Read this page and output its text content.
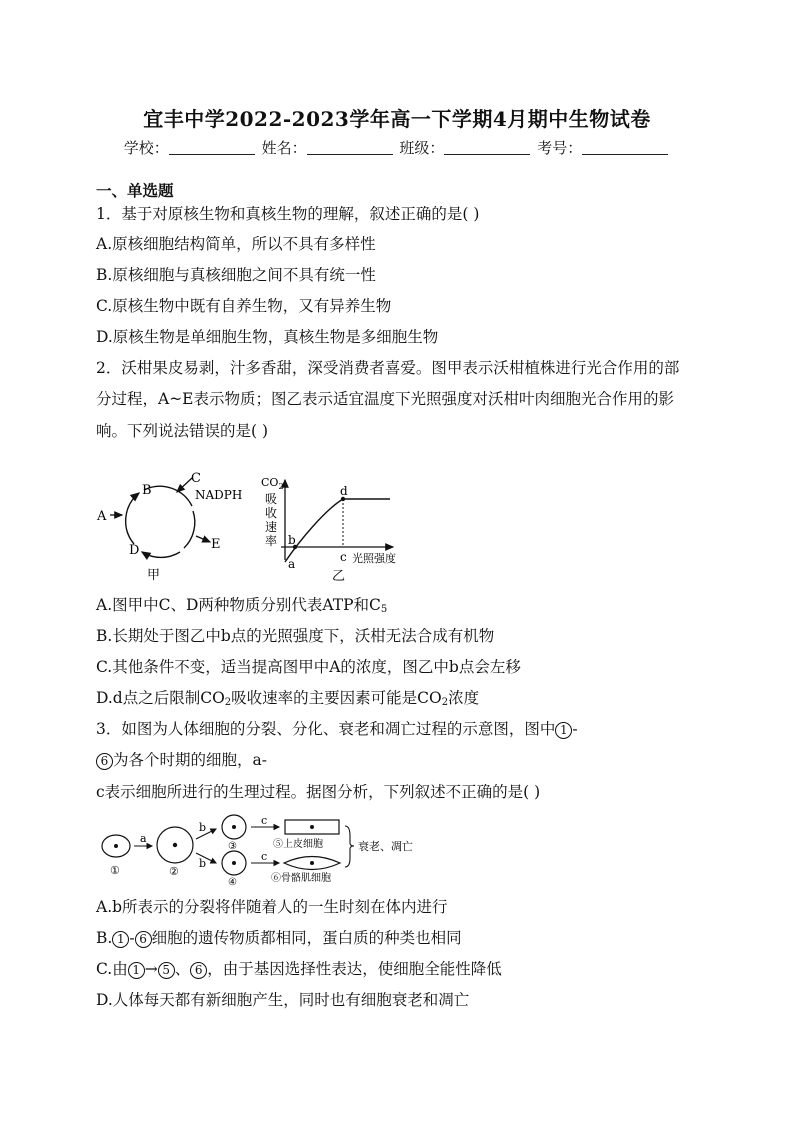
宜丰中学2022-2023学年高一下学期4月期中生物试卷
学校：	姓名：	班级：	考号：
一、单选题
1．基于对原核生物和真核生物的理解，叙述正确的是( )
A.原核细胞结构简单，所以不具有多样性
B.原核细胞与真核细胞之间不具有统一性
C.原核生物中既有自养生物，又有异养生物
D.原核生物是单细胞生物，真核生物是多细胞生物
2．沃柑果皮易剥，汁多香甜，深受消费者喜爱。图甲表示沃柑植株进行光合作用的部
分过程，A~E表示物质；图乙表示适宜温度下光照强度对沃柑叶肉细胞光合作用的影
响。下列说法错误的是( )
A
B
C
NADPH
D	E
甲
$CO_2$
吸
收
速
率 b
a
d
c 光照强度
乙
A.图甲中C、D两种物质分别代表ATP和$C_5$
B.长期处于图乙中b点的光照强度下，沃柑无法合成有机物
C.其他条件不变，适当提高图甲中A的浓度，图乙中b点会左移
D.d点之后限制$CO_2$吸收速率的主要因素可能是$CO_2$浓度
3．如图为人体细胞的分裂、分化、衰老和凋亡过程的示意图，图中 1 -
6 为各个时期的细胞，a-
c表示细胞所进行的生理过程。据图分析，下列叙述不正确的是( )
①	②
③
④
a
b
b
c
c
⑤上皮细胞
⑥骨骼肌细胞
衰老、凋亡
A.b所表示的分裂将伴随着人的一生时刻在体内进行
B. 1 - 6 细胞的遗传物质都相同，蛋白质的种类也相同
C.由 1 → 5 、 6 ，由于基因选择性表达，使细胞全能性降低
D.人体每天都有新细胞产生，同时也有细胞衰老和凋亡
